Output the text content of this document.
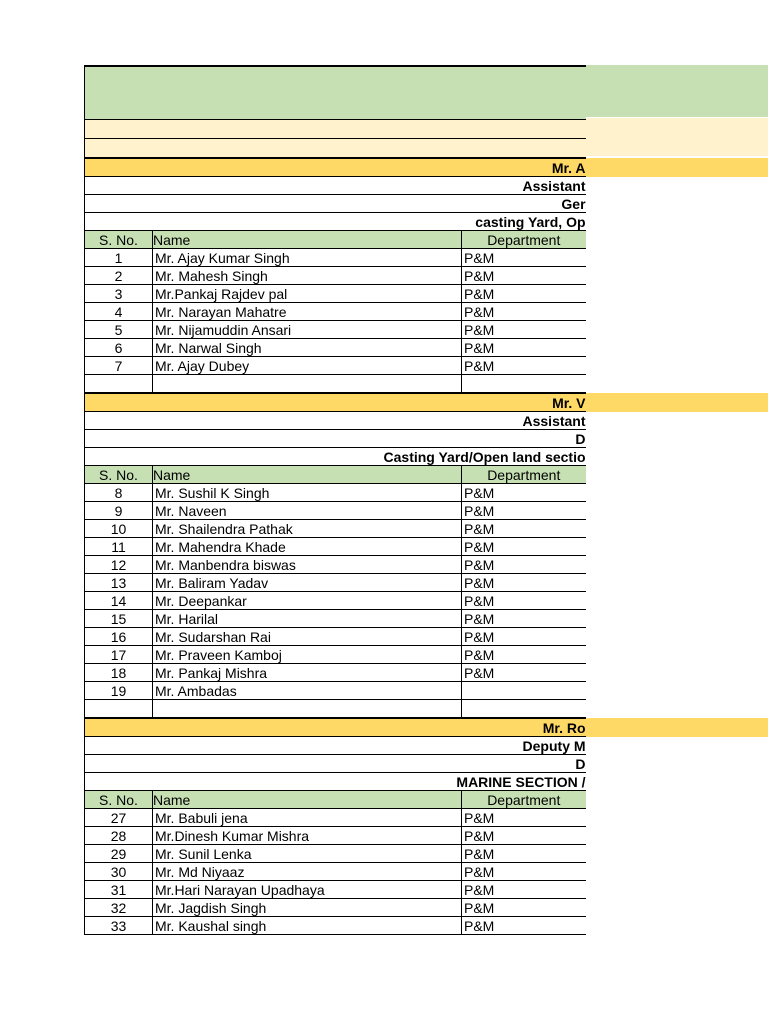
Mr. A		
Assistant		
Ger		
casting Yard, Op		
S. No.	Name	Department
1	Mr. Ajay Kumar Singh	P&M
2	Mr. Mahesh Singh	P&M
3	Mr.Pankaj Rajdev pal	P&M
4	Mr. Narayan Mahatre	P&M
5	Mr. Nijamuddin Ansari	P&M
6	Mr. Narwal Singh	P&M
7	Mr. Ajay Dubey	P&M

Mr. V		
Assistant		
D		
Casting Yard/Open land sectio		
S. No.	Name	Department
8	Mr. Sushil K Singh	P&M
9	Mr. Naveen	P&M
10	Mr. Shailendra Pathak	P&M
11	Mr. Mahendra Khade	P&M
12	Mr. Manbendra biswas	P&M
13	Mr. Baliram Yadav	P&M
14	Mr. Deepankar	P&M
15	Mr. Harilal	P&M
16	Mr. Sudarshan Rai	P&M
17	Mr. Praveen Kamboj	P&M
18	Mr. Pankaj Mishra	P&M
19	Mr. Ambadas	

Mr. Ro		
Deputy M		
D		
MARINE SECTION /		
S. No.	Name	Department
27	Mr. Babuli jena	P&M
28	Mr.Dinesh Kumar Mishra	P&M
29	Mr. Sunil Lenka	P&M
30	Mr. Md Niyaaz	P&M
31	Mr.Hari Narayan Upadhaya	P&M
32	Mr. Jagdish Singh	P&M
33	Mr. Kaushal singh	P&M
